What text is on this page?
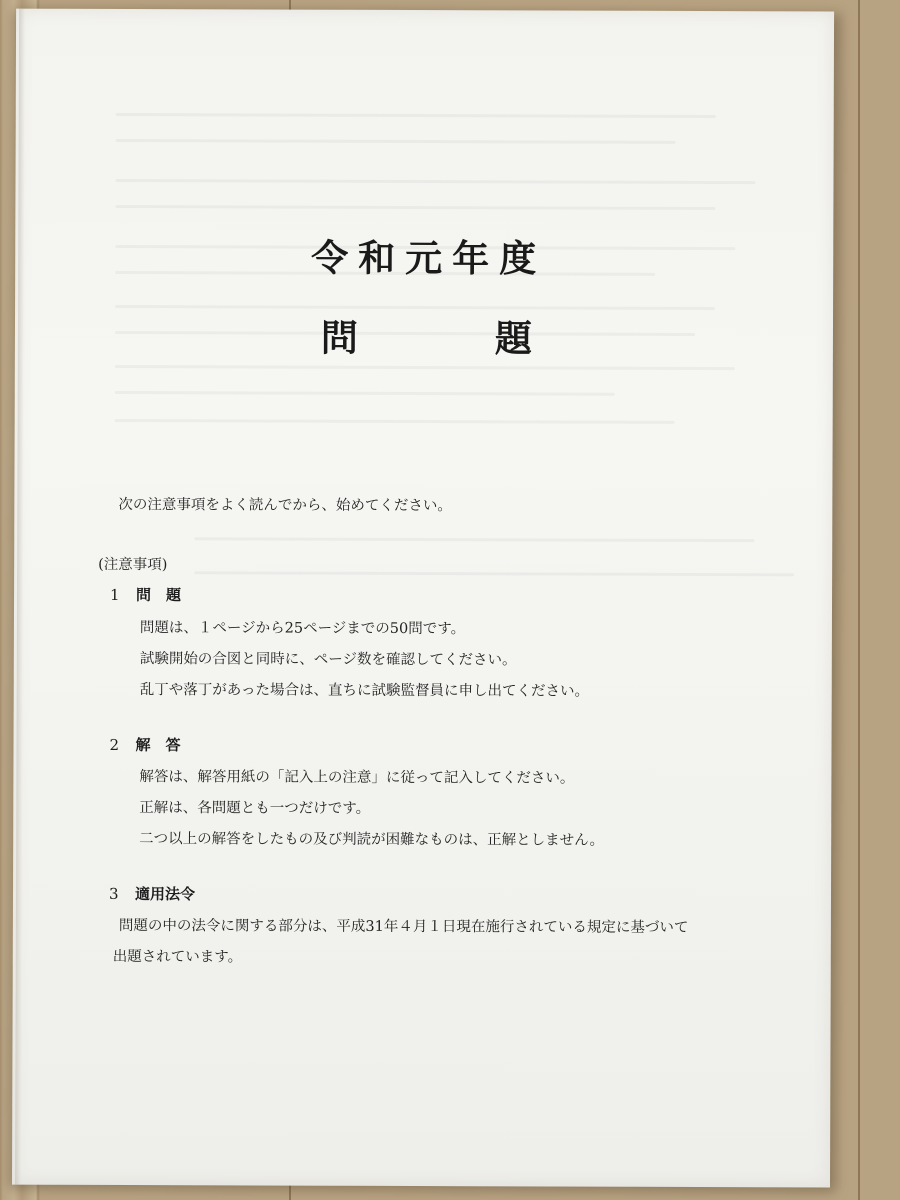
令和元年度
問	題
次の注意事項をよく読んでから、始めてください。
(注意事項)
1 問　題
問題は、１ページから25ページまでの50問です。
試験開始の合図と同時に、ページ数を確認してください。
乱丁や落丁があった場合は、直ちに試験監督員に申し出てください。
2 解　答
解答は、解答用紙の「記入上の注意」に従って記入してください。
正解は、各問題とも一つだけです。
二つ以上の解答をしたもの及び判読が困難なものは、正解としません。
3 適用法令
問題の中の法令に関する部分は、平成31年４月１日現在施行されている規定に基づいて
出題されています。
